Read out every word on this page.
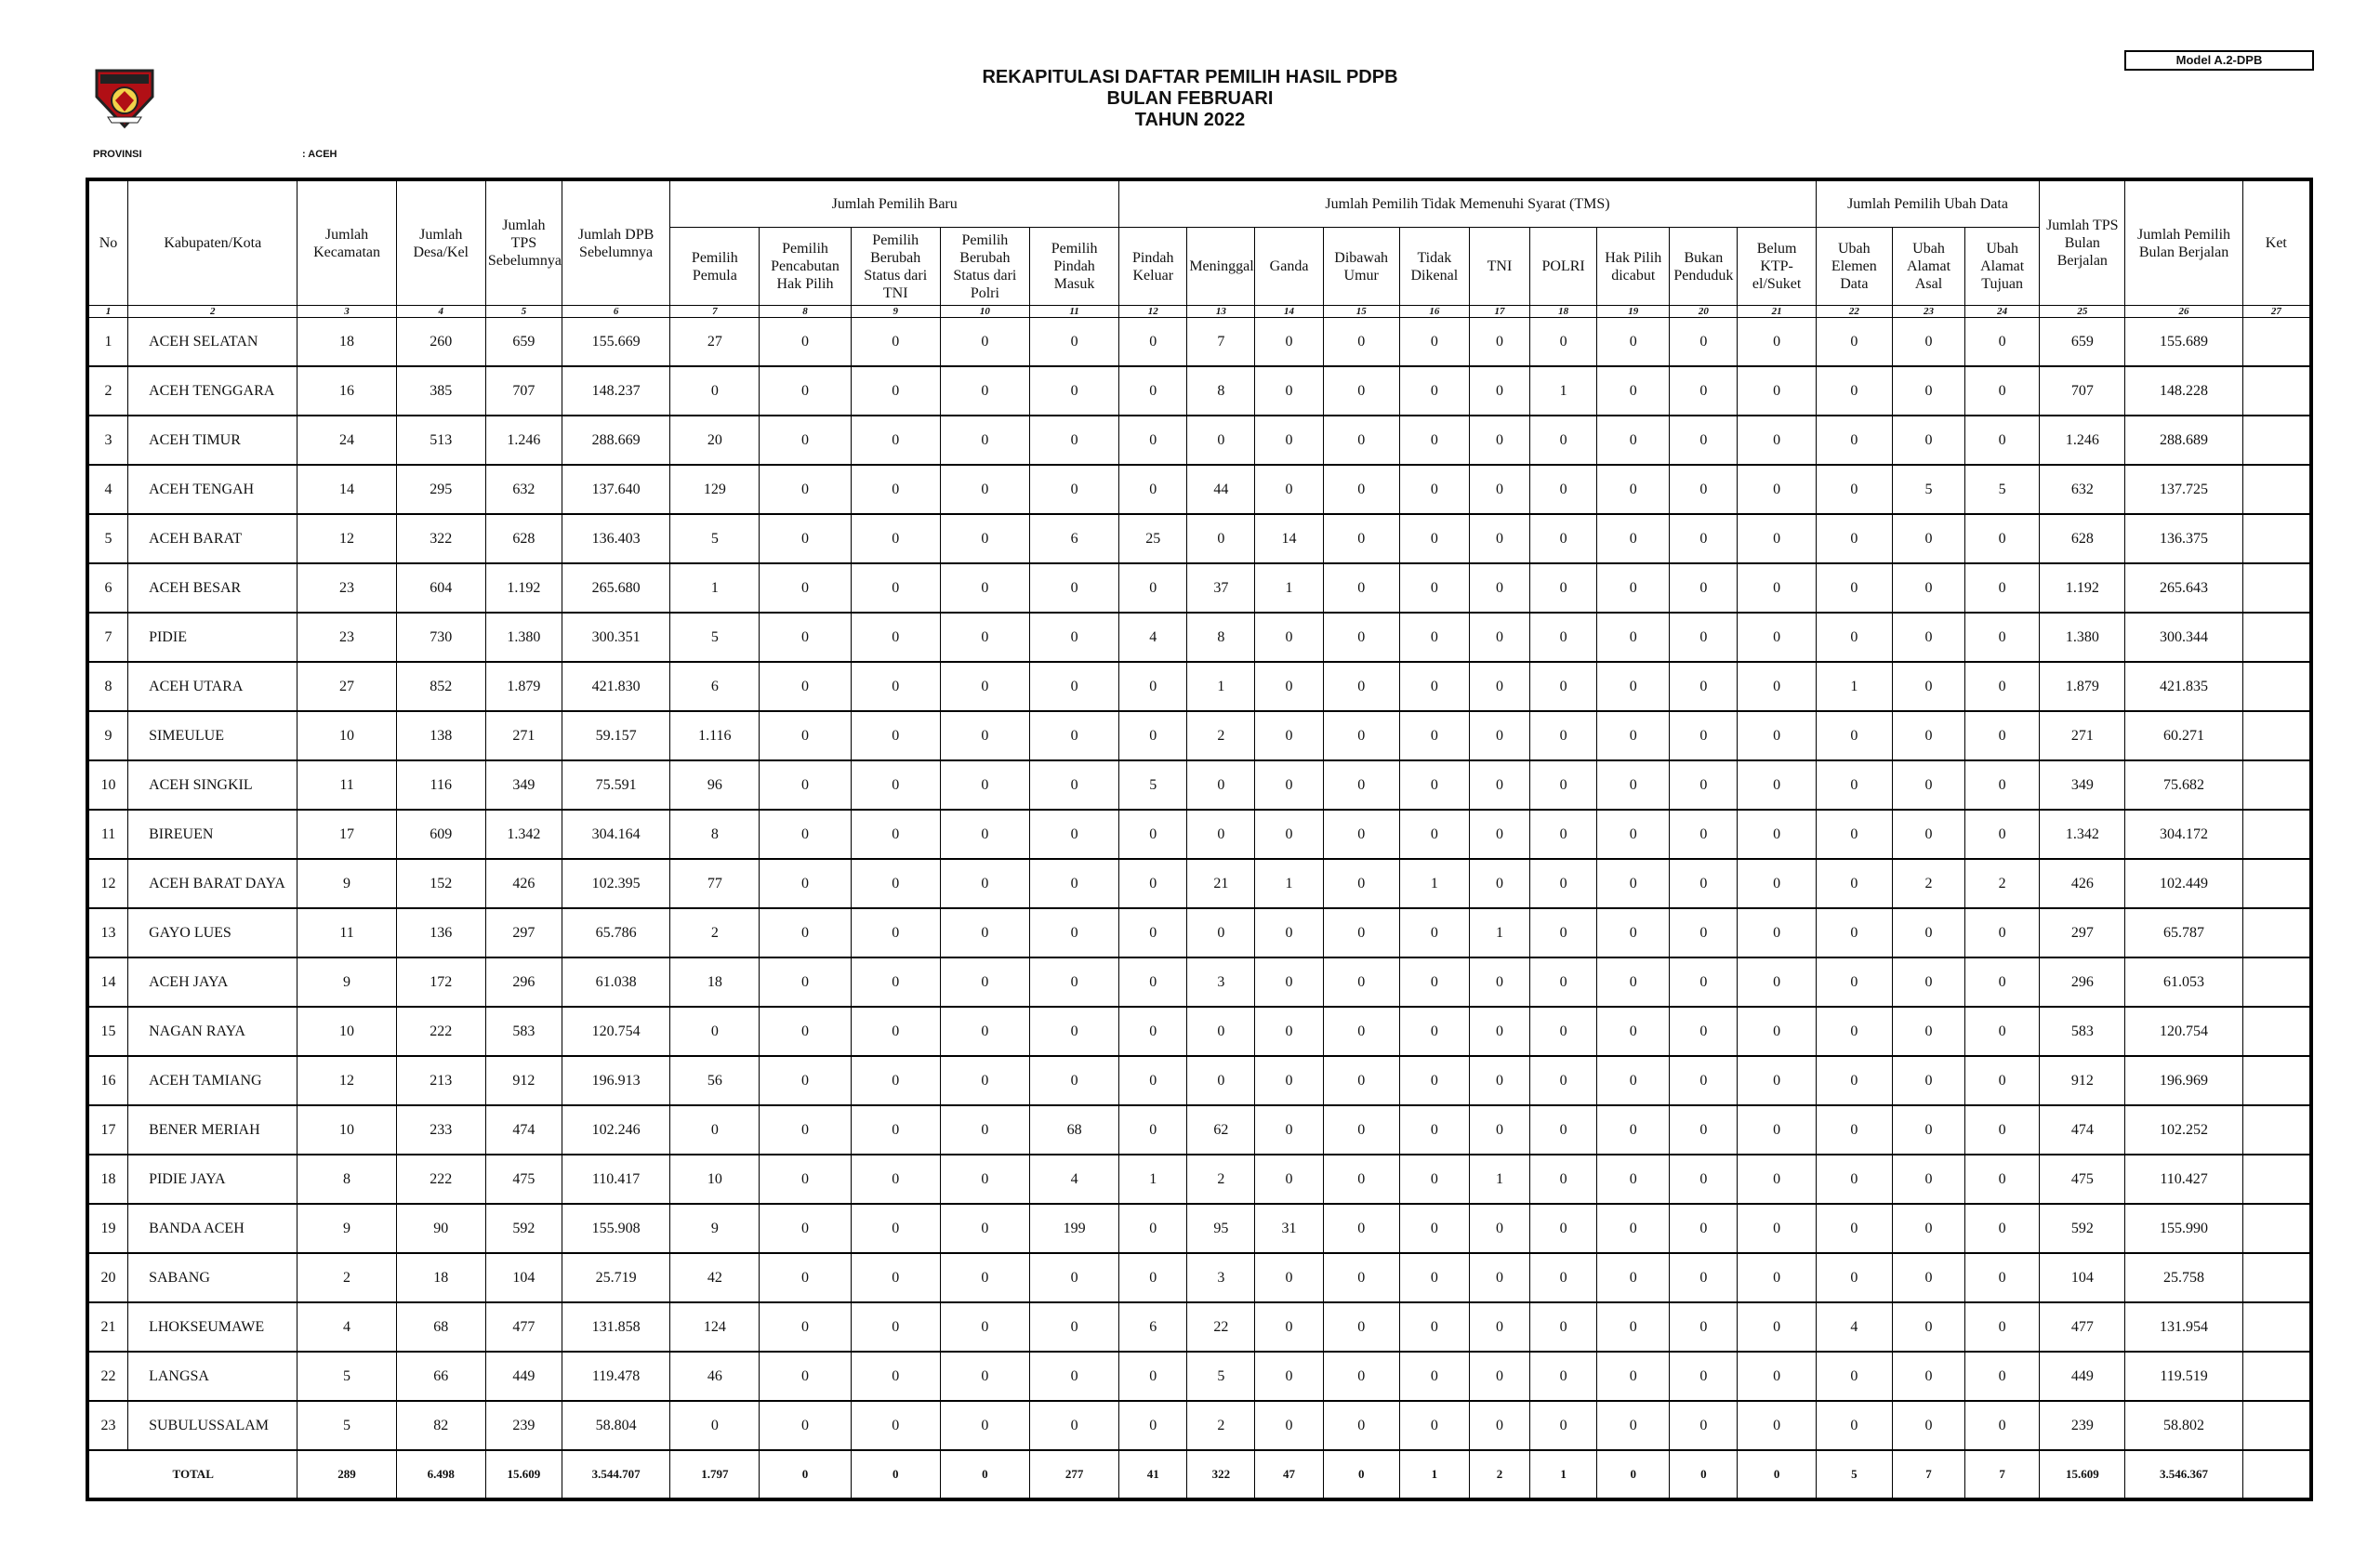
Model A.2-DPB
REKAPITULASI DAFTAR PEMILIH HASIL PDPB
BULAN FEBRUARI
TAHUN 2022
PROVINSI	: ACEH
No	Kabupaten/Kota	Jumlah Kecamatan	Jumlah Desa/Kel	Jumlah TPS Sebelumnya	Jumlah DPB Sebelumnya	Jumlah Pemilih Baru					Jumlah Pemilih Tidak Memenuhi Syarat (TMS)										Jumlah Pemilih Ubah Data			Jumlah TPS Bulan Berjalan	Jumlah Pemilih Bulan Berjalan	Ket
						Pemilih Pemula	Pemilih Pencabutan Hak Pilih	Pemilih Berubah Status dari TNI	Pemilih Berubah Status dari Polri	Pemilih Pindah Masuk	Pindah Keluar	Meninggal	Ganda	Dibawah Umur	Tidak Dikenal	TNI	POLRI	Hak Pilih dicabut	Bukan Penduduk	Belum KTP-el/Suket	Ubah Elemen Data	Ubah Alamat Asal	Ubah Alamat Tujuan			
1	2	3	4	5	6	7	8	9	10	11	12	13	14	15	16	17	18	19	20	21	22	23	24	25	26	27
1	ACEH SELATAN	18	260	659	155.669	27	0	0	0	0	0	7	0	0	0	0	0	0	0	0	0	0	0	659	155.689	
2	ACEH TENGGARA	16	385	707	148.237	0	0	0	0	0	0	8	0	0	0	0	1	0	0	0	0	0	0	707	148.228	
3	ACEH TIMUR	24	513	1.246	288.669	20	0	0	0	0	0	0	0	0	0	0	0	0	0	0	0	0	0	1.246	288.689	
4	ACEH TENGAH	14	295	632	137.640	129	0	0	0	0	0	44	0	0	0	0	0	0	0	0	0	5	5	632	137.725	
5	ACEH BARAT	12	322	628	136.403	5	0	0	0	6	25	0	14	0	0	0	0	0	0	0	0	0	0	628	136.375	
6	ACEH BESAR	23	604	1.192	265.680	1	0	0	0	0	0	37	1	0	0	0	0	0	0	0	0	0	0	1.192	265.643	
7	PIDIE	23	730	1.380	300.351	5	0	0	0	0	4	8	0	0	0	0	0	0	0	0	0	0	0	1.380	300.344	
8	ACEH UTARA	27	852	1.879	421.830	6	0	0	0	0	0	1	0	0	0	0	0	0	0	0	1	0	0	1.879	421.835	
9	SIMEULUE	10	138	271	59.157	1.116	0	0	0	0	0	2	0	0	0	0	0	0	0	0	0	0	0	271	60.271	
10	ACEH SINGKIL	11	116	349	75.591	96	0	0	0	0	5	0	0	0	0	0	0	0	0	0	0	0	0	349	75.682	
11	BIREUEN	17	609	1.342	304.164	8	0	0	0	0	0	0	0	0	0	0	0	0	0	0	0	0	0	1.342	304.172	
12	ACEH BARAT DAYA	9	152	426	102.395	77	0	0	0	0	0	21	1	0	1	0	0	0	0	0	0	2	2	426	102.449	
13	GAYO LUES	11	136	297	65.786	2	0	0	0	0	0	0	0	0	0	1	0	0	0	0	0	0	0	297	65.787	
14	ACEH JAYA	9	172	296	61.038	18	0	0	0	0	0	3	0	0	0	0	0	0	0	0	0	0	0	296	61.053	
15	NAGAN RAYA	10	222	583	120.754	0	0	0	0	0	0	0	0	0	0	0	0	0	0	0	0	0	0	583	120.754	
16	ACEH TAMIANG	12	213	912	196.913	56	0	0	0	0	0	0	0	0	0	0	0	0	0	0	0	0	0	912	196.969	
17	BENER MERIAH	10	233	474	102.246	0	0	0	0	68	0	62	0	0	0	0	0	0	0	0	0	0	0	474	102.252	
18	PIDIE JAYA	8	222	475	110.417	10	0	0	0	4	1	2	0	0	0	1	0	0	0	0	0	0	0	475	110.427	
19	BANDA ACEH	9	90	592	155.908	9	0	0	0	199	0	95	31	0	0	0	0	0	0	0	0	0	0	592	155.990	
20	SABANG	2	18	104	25.719	42	0	0	0	0	0	3	0	0	0	0	0	0	0	0	0	0	0	104	25.758	
21	LHOKSEUMAWE	4	68	477	131.858	124	0	0	0	0	6	22	0	0	0	0	0	0	0	0	4	0	0	477	131.954	
22	LANGSA	5	66	449	119.478	46	0	0	0	0	0	5	0	0	0	0	0	0	0	0	0	0	0	449	119.519	
23	SUBULUSSALAM	5	82	239	58.804	0	0	0	0	0	0	2	0	0	0	0	0	0	0	0	0	0	0	239	58.802	
TOTAL		289	6.498	15.609	3.544.707	1.797	0	0	0	277	41	322	47	0	1	2	1	0	0	0	5	7	7	15.609	3.546.367	
